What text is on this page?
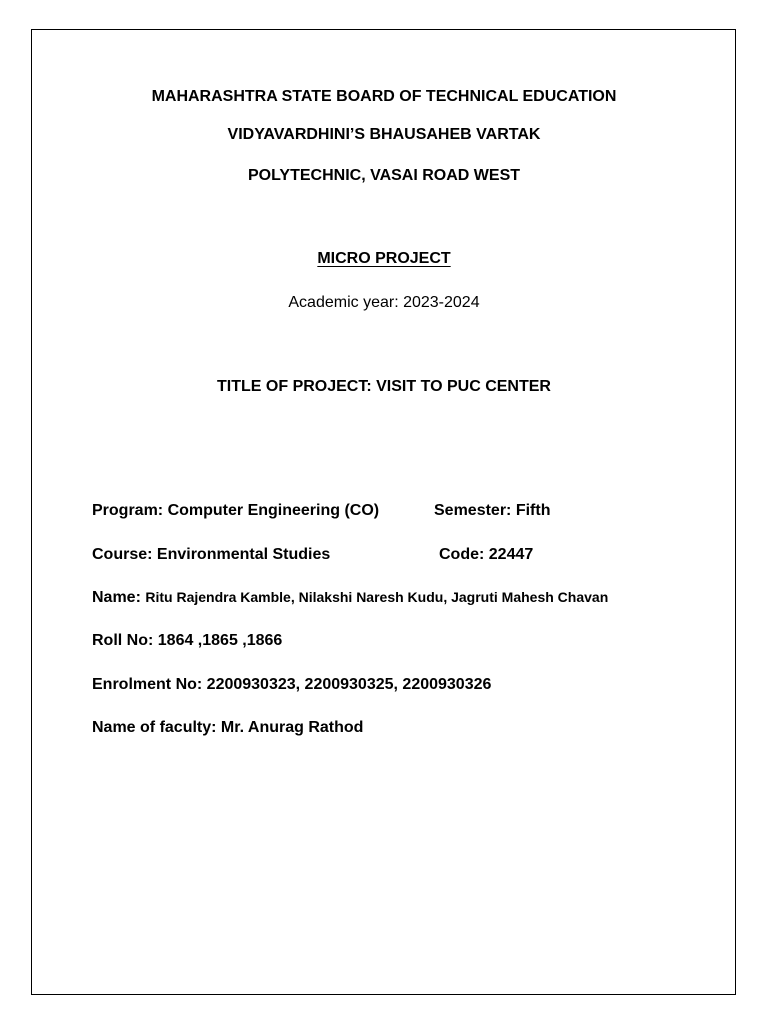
MAHARASHTRA STATE BOARD OF TECHNICAL EDUCATION
VIDYAVARDHINI’S BHAUSAHEB VARTAK
POLYTECHNIC, VASAI ROAD WEST
MICRO PROJECT
Academic year: 2023-2024
TITLE OF PROJECT: VISIT TO PUC CENTER
Program: Computer Engineering (CO)	Semester: Fifth
Course: Environmental Studies	Code: 22447
Name: Ritu Rajendra Kamble, Nilakshi Naresh Kudu, Jagruti Mahesh Chavan
Roll No: 1864 ,1865 ,1866
Enrolment No: 2200930323, 2200930325, 2200930326
Name of faculty: Mr. Anurag Rathod
